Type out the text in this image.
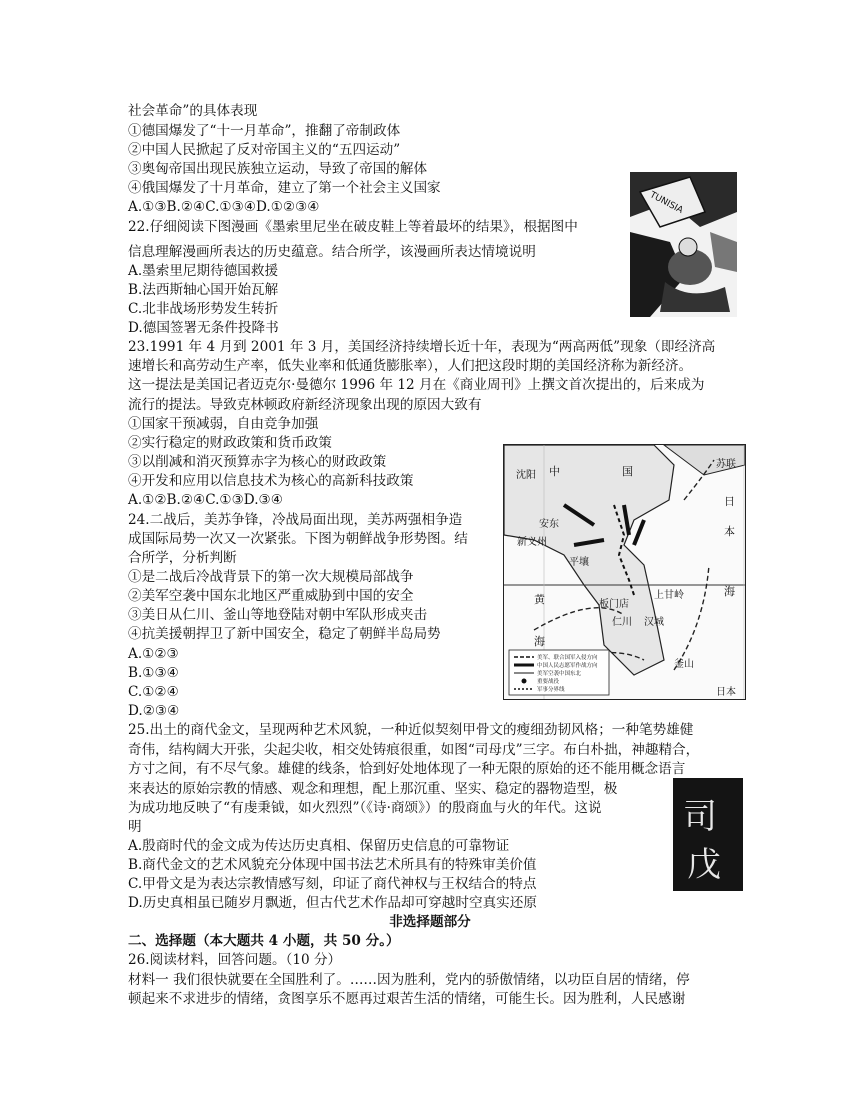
社会革命”的具体表现
①德国爆发了“十一月革命”，推翻了帝制政体
②中国人民掀起了反对帝国主义的“五四运动”
③奥匈帝国出现民族独立运动，导致了帝国的解体
④俄国爆发了十月革命，建立了第一个社会主义国家
A.①③B.②④C.①③④D.①②③④
22.仔细阅读下图漫画《墨索里尼坐在破皮鞋上等着最坏的结果》，根据图中
信息理解漫画所表达的历史蕴意。结合所学，该漫画所表达情境说明
A.墨索里尼期待德国救援
B.法西斯轴心国开始瓦解
C.北非战场形势发生转折
D.德国签署无条件投降书
23.1991 年 4 月到 2001 年 3 月，美国经济持续增长近十年，表现为“两高两低”现象（即经济高
速增长和高劳动生产率，低失业率和低通货膨胀率），人们把这段时期的美国经济称为新经济。
这一提法是美国记者迈克尔·曼德尔 1996 年 12 月在《商业周刊》上撰文首次提出的，后来成为
流行的提法。导致克林顿政府新经济现象出现的原因大致有
①国家干预减弱，自由竞争加强
②实行稳定的财政政策和货币政策
③以削减和消灭预算赤字为核心的财政政策
④开发和应用以信息技术为核心的高新科技政策
A.①②B.②④C.①③D.③④
24.二战后，美苏争锋，冷战局面出现，美苏两强相争造
成国际局势一次又一次紧张。下图为朝鲜战争形势图。结
合所学，分析判断
①是二战后冷战背景下的第一次大规模局部战争
②美军空袭中国东北地区严重威胁到中国的安全
③美日从仁川、釜山等地登陆对朝中军队形成夹击
④抗美援朝捍卫了新中国安全，稳定了朝鲜半岛局势
A.①②③
B.①③④
C.①②④
D.②③④
25.出土的商代金文，呈现两种艺术风貌，一种近似契刻甲骨文的瘦细劲韧风格；一种笔势雄健
奇伟，结构阔大开张，尖起尖收，相交处铸痕很重，如图“司母戊”三字。布白朴拙，神趣精合，
方寸之间，有不尽气象。雄健的线条，恰到好处地体现了一种无限的原始的还不能用概念语言
来表达的原始宗教的情感、观念和理想，配上那沉重、坚实、稳定的器物造型，极
为成功地反映了“有虔秉钺，如火烈烈”（《诗·商颂》）的殷商血与火的年代。这说
明
A.殷商时代的金文成为传达历史真相、保留历史信息的可靠物证
B.商代金文的艺术风貌充分体现中国书法艺术所具有的特殊审美价值
C.甲骨文是为表达宗教情感写刻，印证了商代神权与王权结合的特点
D.历史真相虽已随岁月飘逝，但古代艺术作品却可穿越时空真实还原
非选择题部分
二、选择题（本大题共 4 小题，共 50 分。）
26.阅读材料，回答问题。（10 分）
材料一 我们很快就要在全国胜利了。……因为胜利，党内的骄傲情绪，以功臣自居的情绪，停
顿起来不求进步的情绪，贪图享乐不愿再过艰苦生活的情绪，可能生长。因为胜利，人民感谢
TUNISIA
美军、联合国军入侵方向
中国人民志愿军作战方向
美军空袭中国东北
重要战役
军事分界线
沈阳 中	国
苏联
日
本
海
安东
新义州
平壤
板门店
上甘岭
仁川 汉城
黄
海
釜山
日本
司
戊
